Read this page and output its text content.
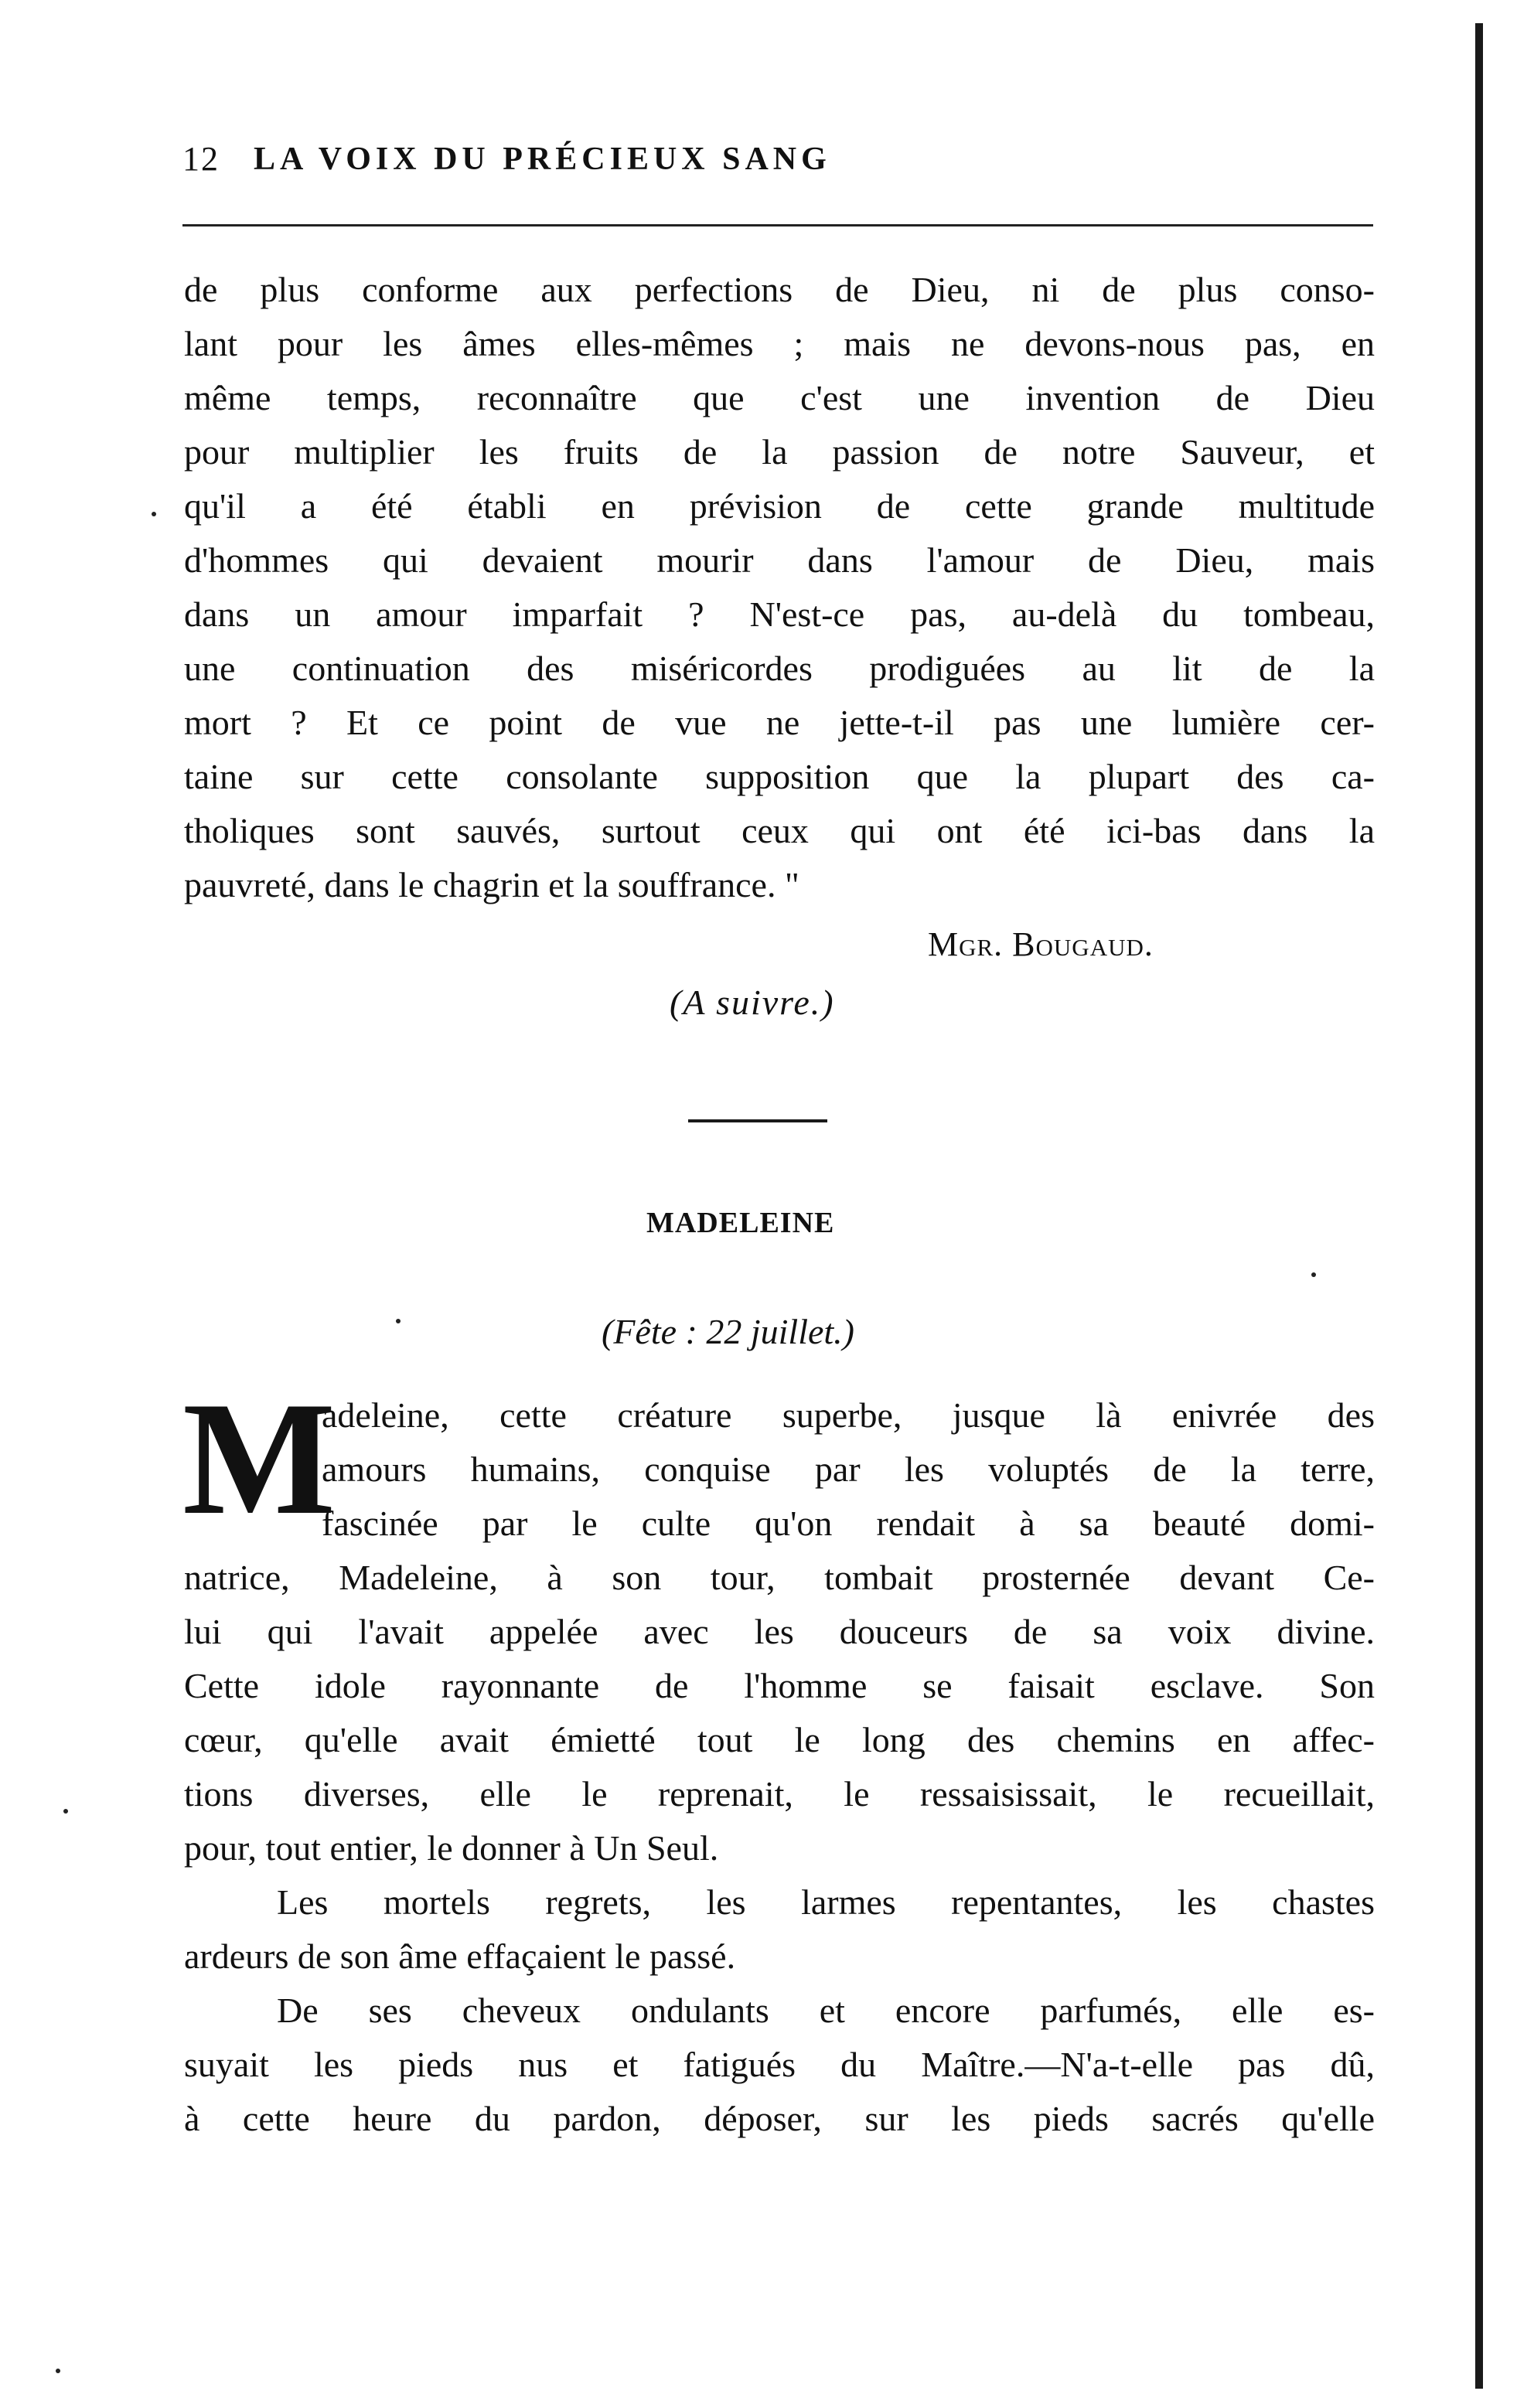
12 LA VOIX DU PRÉCIEUX SANG
de plus conforme aux perfections de Dieu, ni de plus conso-
lant pour les âmes elles-mêmes ; mais ne devons-nous pas, en
même temps, reconnaître que c'est une invention de Dieu
pour multiplier les fruits de la passion de notre Sauveur, et
qu'il a été établi en prévision de cette grande multitude
d'hommes qui devaient mourir dans l'amour de Dieu, mais
dans un amour imparfait ? N'est-ce pas, au-delà du tombeau,
une continuation des miséricordes prodiguées au lit de la
mort ? Et ce point de vue ne jette-t-il pas une lumière cer-
taine sur cette consolante supposition que la plupart des ca-
tholiques sont sauvés, surtout ceux qui ont été ici-bas dans la
pauvreté, dans le chagrin et la souffrance. "
Mgr. Bougaud.
(A suivre.)
MADELEINE
(Fête : 22 juillet.)
M
adeleine, cette créature superbe, jusque là enivrée des
amours humains, conquise par les voluptés de la terre,
fascinée par le culte qu'on rendait à sa beauté domi-
natrice, Madeleine, à son tour, tombait prosternée devant Ce-
lui qui l'avait appelée avec les douceurs de sa voix divine.
Cette idole rayonnante de l'homme se faisait esclave. Son
cœur, qu'elle avait émietté tout le long des chemins en affec-
tions diverses, elle le reprenait, le ressaisissait, le recueillait,
pour, tout entier, le donner à Un Seul.
Les mortels regrets, les larmes repentantes, les chastes
ardeurs de son âme effaçaient le passé.
De ses cheveux ondulants et encore parfumés, elle es-
suyait les pieds nus et fatigués du Maître.—N'a-t-elle pas dû,
à cette heure du pardon, déposer, sur les pieds sacrés qu'elle
